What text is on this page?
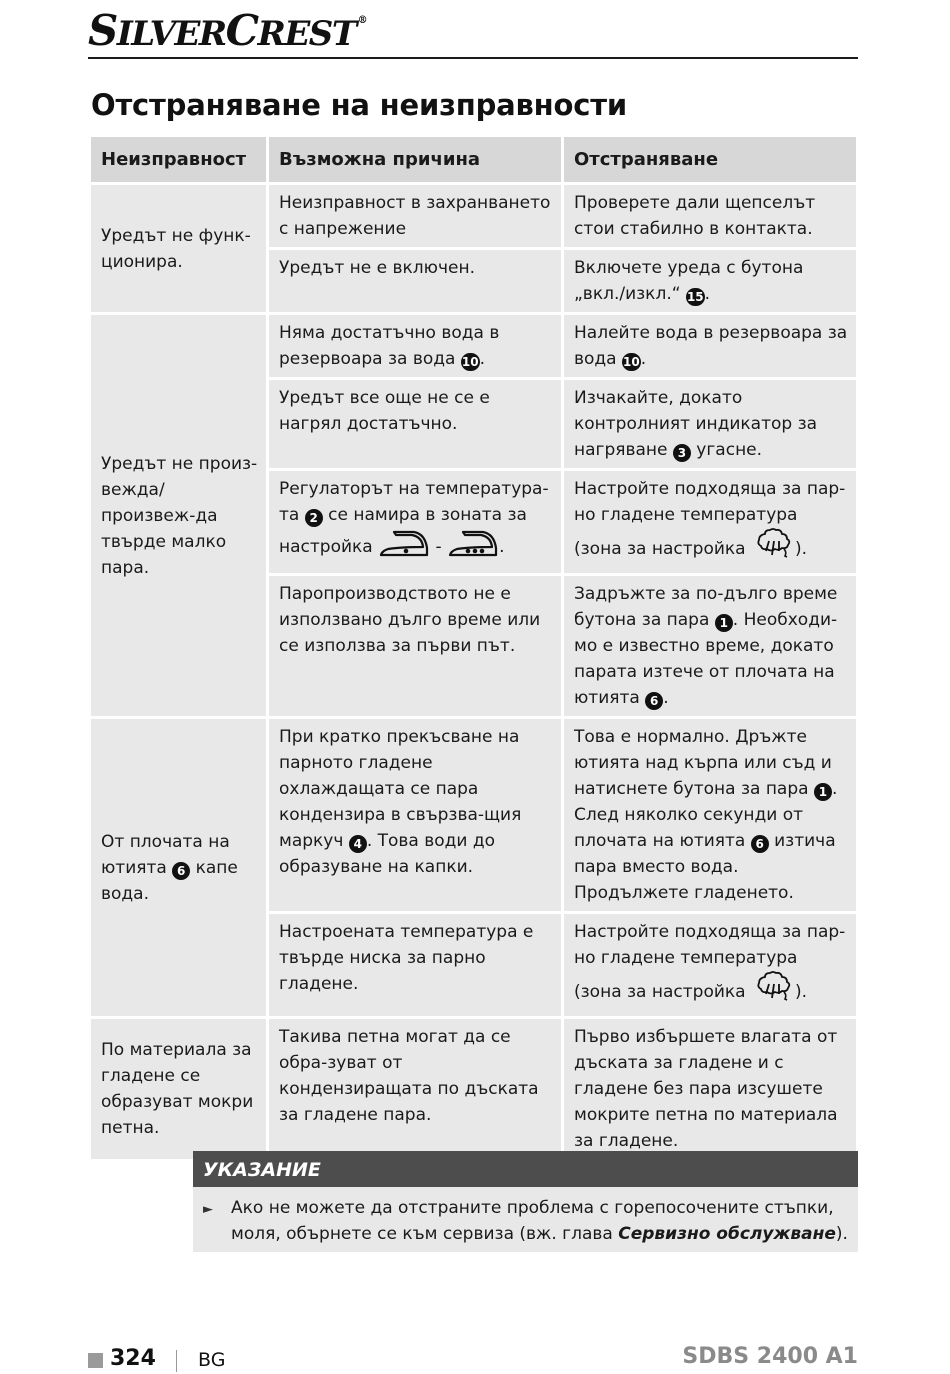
SILVERCREST ®
Отстраняване на неизправности
Неизправност	Възможна причина	Отстраняване
Уредът не функ-ционира.	Неизправност в захранването с напрежение	Проверете дали щепселът стои стабилно в контакта.
	Уредът не е включен.	Включете уреда с бутона „вкл./изкл.“ 15.
Уредът не произ-вежда/произвеж-да твърде малко пара.	Няма достатъчно вода в резервоара за вода 10.	Налейте вода в резервоара за вода 10.
	Уредът все още не се е нагрял достатъчно.	Изчакайте, докато контролният индикатор за нагряване 3 угасне.
	Регулаторът на температура-та 2 се намира в зоната за настройка - .	Настройте подходяща за пар-но гладене температура (зона за настройка ).
	Паропроизводството не е използвано дълго време или се използва за първи път.	Задръжте за по-дълго време бутона за пара 1 . Необходи-мо е известно време, докато парата изтече от плочата на ютията 6 .
От плочата на ютията 6 капе вода.	При кратко прекъсване на парното гладене охлаждащата се пара кондензира в свързва-щия маркуч 4 . Това води до образуване на капки.	Това е нормално. Дръжте ютията над кърпа или съд и натиснете бутона за пара 1 . След няколко секунди от плочата на ютията 6 изтича пара вместо вода. Продължете гладенето.
	Настроената температура е твърде ниска за парно гладене.	Настройте подходяща за пар-но гладене температура (зона за настройка ).
По материала за гладене се образуват мокри петна.	Такива петна могат да се обра-зуват от кондензиращата по дъската за гладене пара.	Първо избършете влагата от дъската за гладене и с гладене без пара изсушете мокрите петна по материала за гладене.
УКАЗАНИЕ
► Ако не можете да отстраните проблема с горепосочените стъпки, моля, обърнете се към сервиза (вж. глава Сервизно обслужване).
324 BG	SDBS 2400 A1
